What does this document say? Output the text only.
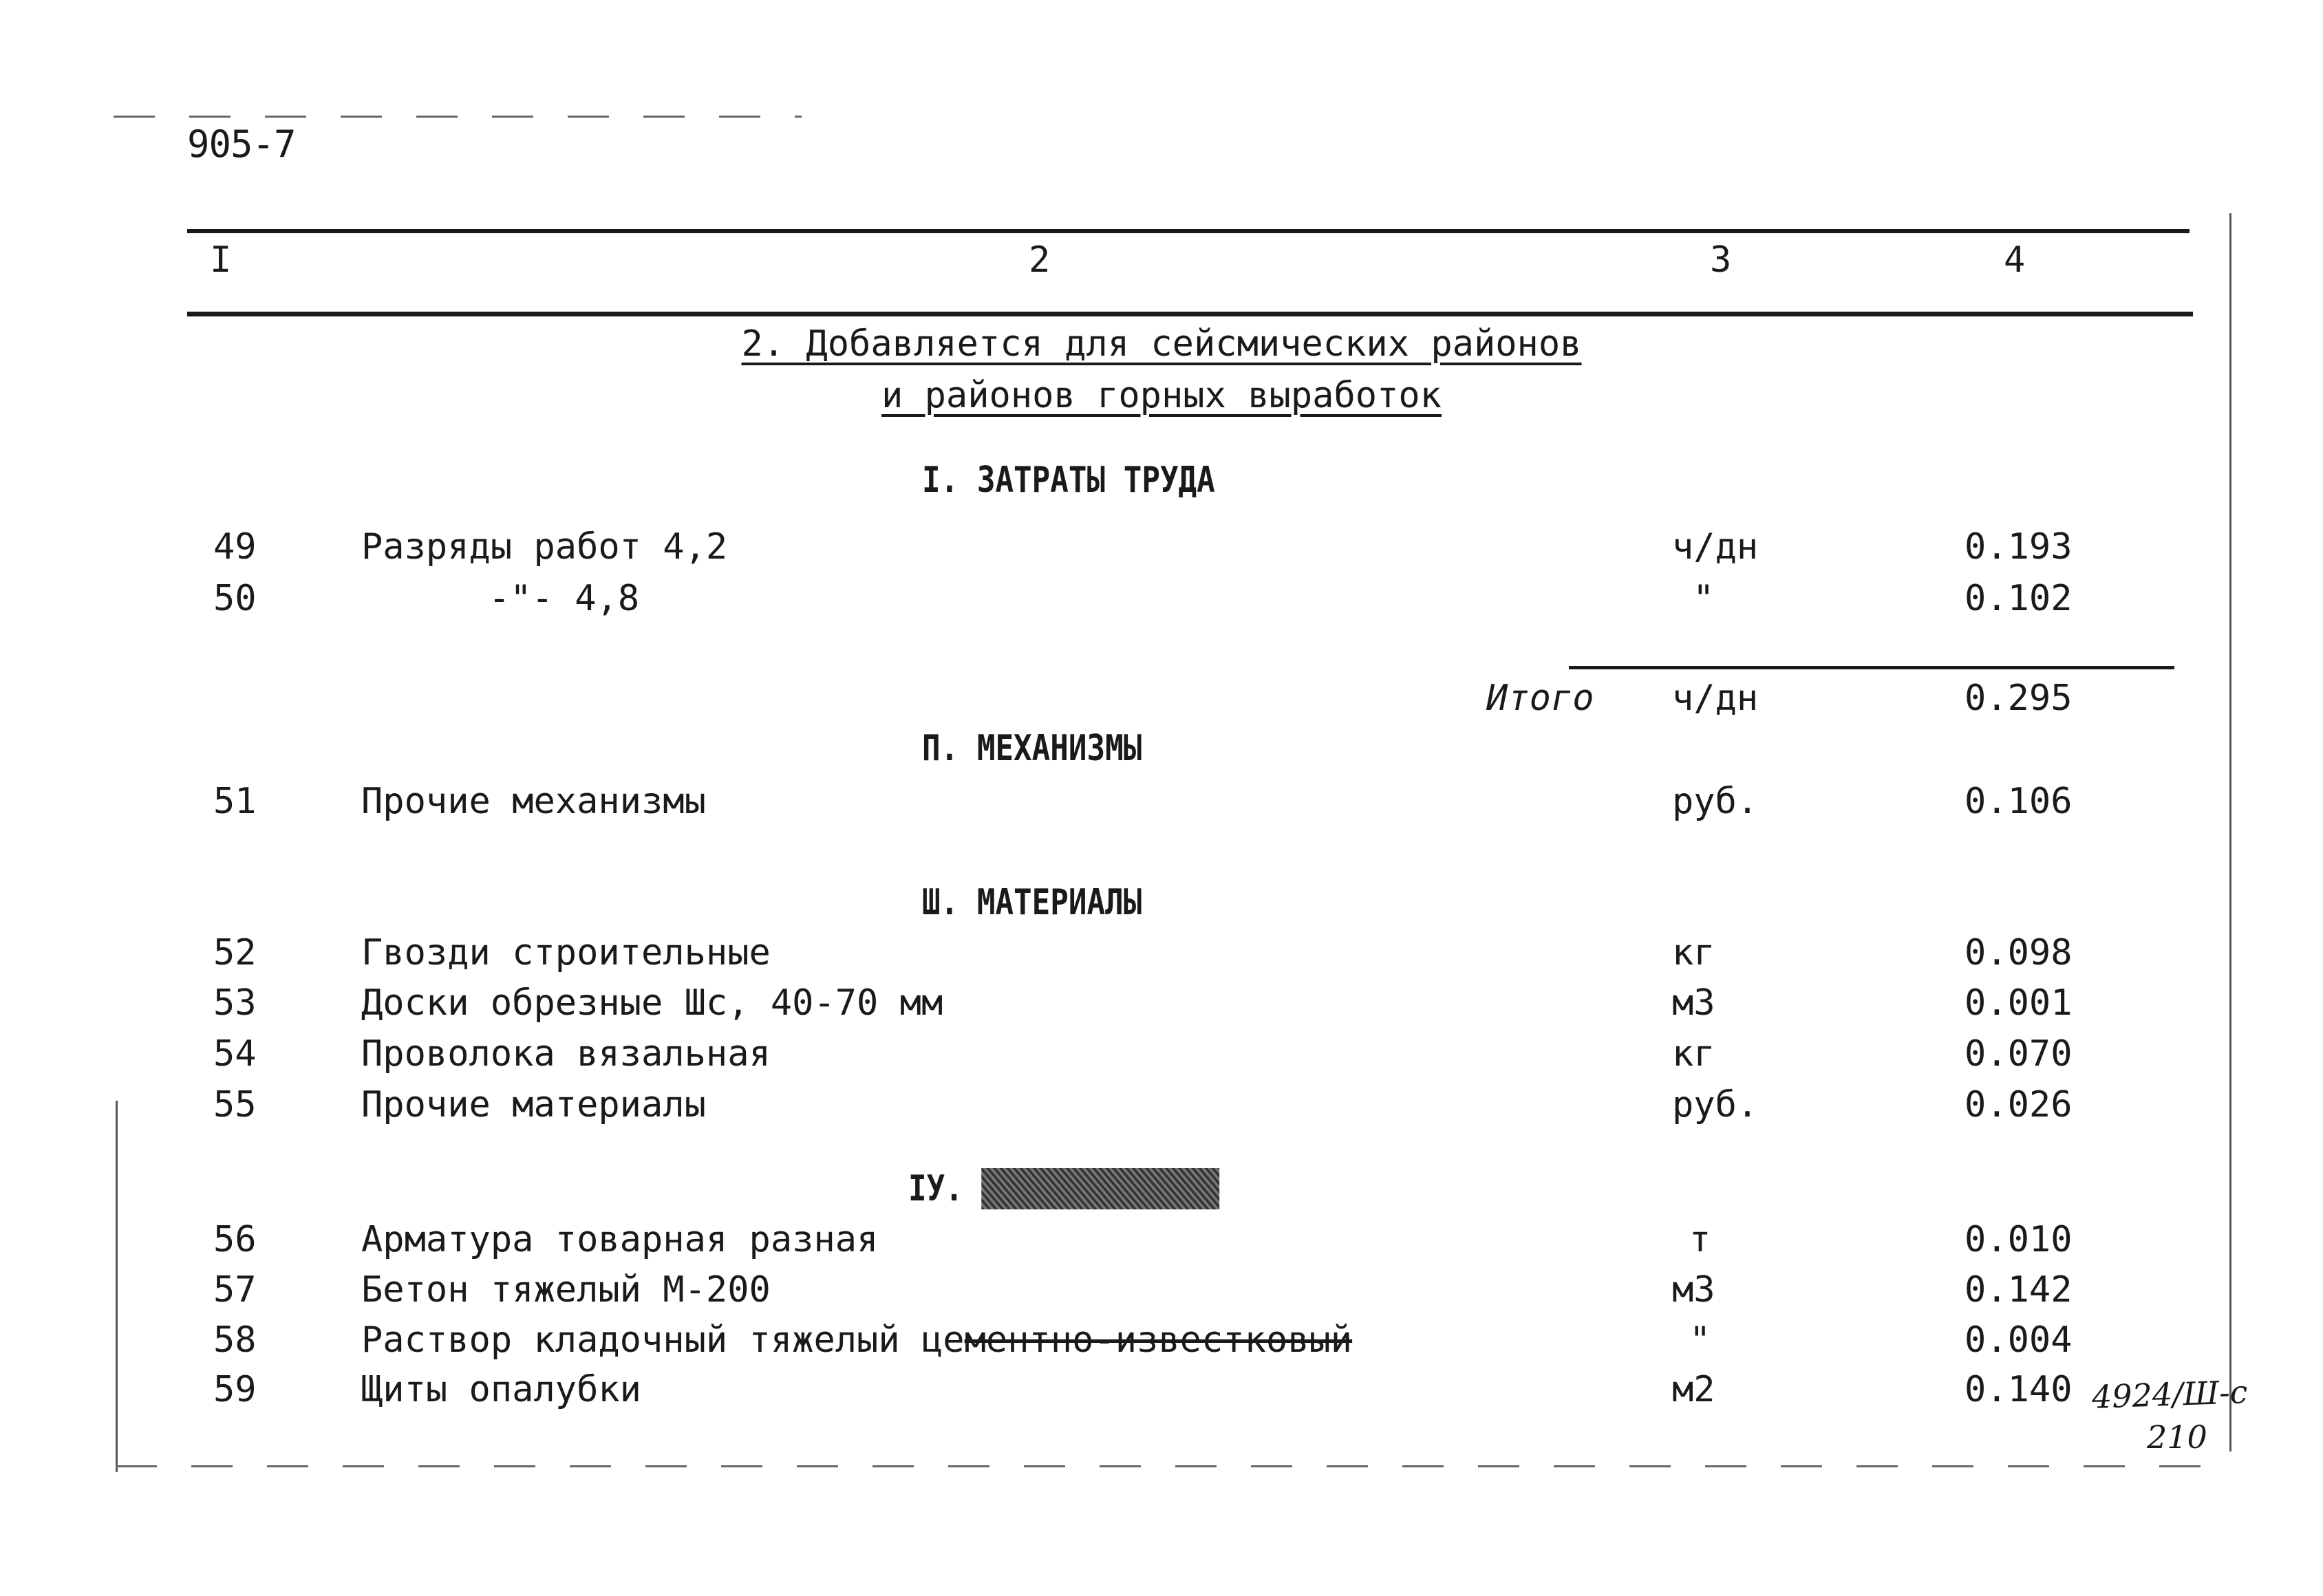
905-7
I	2	3	4
2. Добавляется для сейсмических районов
и районов горных выработок
I. ЗАТРАТЫ ТРУДА
49	Разряды работ 4,2	ч/дн	0.193
50	-"- 4,8	"	0.102
Итого ч/дн	0.295
П. МЕХАНИЗМЫ
51	Прочие механизмы	руб.	0.106
Ш. МАТЕРИАЛЫ
52	Гвозди строительные	кг	0.098
53	Доски обрезные Шс, 40-70 мм	м3	0.001
54	Проволока вязальная	кг	0.070
55	Прочие материалы	руб.	0.026
IУ.
56	Арматура товарная разная	т	0.010
57	Бетон тяжелый М-200	м3	0.142
58	Раствор кладочный тяжелый цементно-известковый	"	0.004
59	Щиты опалубки	м2	0.140 4924/Ш-с
210
